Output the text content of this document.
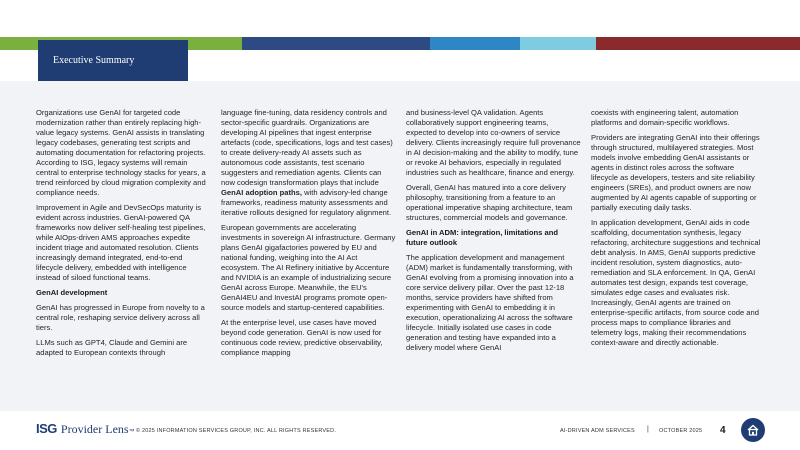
Executive Summary

Organizations use GenAI for targeted code modernization rather than entirely replacing high-value legacy systems. GenAI assists in translating legacy codebases, generating test scripts and automating documentation for refactoring projects. According to ISG, legacy systems will remain central to enterprise technology stacks for years, a trend reinforced by cloud migration complexity and compliance needs.

Improvement in Agile and DevSecOps maturity is evident across industries. GenAI-powered QA frameworks now deliver self-healing test pipelines, while AIOps-driven AMS approaches expedite incident triage and automated resolution. Clients increasingly demand integrated, end-to-end lifecycle delivery, embedded with intelligence instead of siloed functional teams.

GenAI development

GenAI has progressed in Europe from novelty to a central role, reshaping service delivery across all tiers.

LLMs such as GPT4, Claude and Gemini are adapted to European contexts through

language fine-tuning, data residency controls and sector-specific guardrails. Organizations are developing AI pipelines that ingest enterprise artefacts (code, specifications, logs and test cases) to create delivery-ready AI assets such as autonomous code assistants, test scenario suggesters and remediation agents. Clients can now codesign transformation plays that include GenAI adoption paths, with advisory-led change frameworks, readiness maturity assessments and iterative rollouts designed for regulatory alignment.

European governments are accelerating investments in sovereign AI infrastructure. Germany plans GenAI gigafactories powered by EU and national funding, weighing into the AI Act ecosystem. The AI Refinery initiative by Accenture and NVIDIA is an example of industrializing secure GenAI across Europe. Meanwhile, the EU's GenAI4EU and InvestAI programs promote open-source models and startup-centered capabilities.

At the enterprise level, use cases have moved beyond code generation. GenAI is now used for continuous code review, predictive observability, compliance mapping

and business-level QA validation. Agents collaboratively support engineering teams, expected to develop into co-owners of service delivery. Clients increasingly require full provenance in AI decision-making and the ability to modify, tune or revoke AI behaviors, especially in regulated industries such as healthcare, finance and energy.

Overall, GenAI has matured into a core delivery philosophy, transitioning from a feature to an operational imperative shaping architecture, team structures, commercial models and governance.

GenAI in ADM: integration, limitations and future outlook

The application development and management (ADM) market is fundamentally transforming, with GenAI evolving from a promising innovation into a core service delivery pillar. Over the past 12-18 months, service providers have shifted from experimenting with GenAI to embedding it in execution, operationalizing AI across the software lifecycle. Initially isolated use cases in code generation and testing have expanded into a delivery model where GenAI

coexists with engineering talent, automation platforms and domain-specific workflows.

Providers are integrating GenAI into their offerings through structured, multilayered strategies. Most models involve embedding GenAI assistants or agents in distinct roles across the software lifecycle as developers, testers and site reliability engineers (SREs), and product owners are now augmented by AI agents capable of supporting or partially executing daily tasks.

In application development, GenAI aids in code scaffolding, documentation synthesis, legacy refactoring, architecture suggestions and technical debt analysis. In AMS, GenAI supports predictive incident resolution, system diagnostics, auto-remediation and SLA enforcement. In QA, GenAI automates test design, expands test coverage, simulates edge cases and evaluates risk. Increasingly, GenAI agents are trained on enterprise-specific artifacts, from source code and process maps to compliance libraries and telemetry logs, making their recommendations context-aware and directly actionable.

ISG Provider Lens ™ © 2025 INFORMATION SERVICES GROUP, INC. ALL RIGHTS RESERVED.	AI-DRIVEN ADM SERVICES | OCTOBER 2025 4
